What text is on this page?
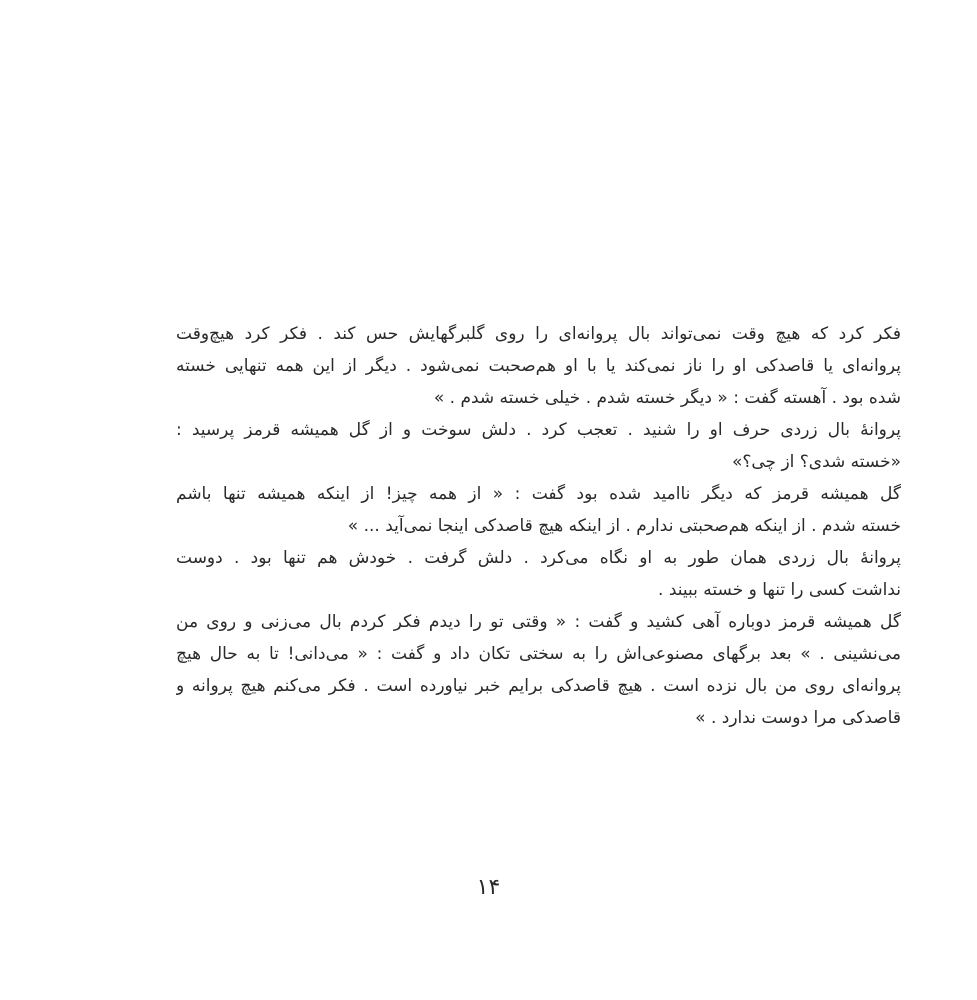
فکر کرد که هیچ وقت نمی‌تواند بال پروانه‌ای را روی گلبرگهایش حس کند . فکر کرد هیچ‌وقت
پروانه‌ای یا قاصدکی او را ناز نمی‌کند یا با او هم‌صحبت نمی‌شود . دیگر از این همه تنهایی خسته
شده بود . آهسته گفت : « دیگر خسته شدم . خیلی خسته شدم . »
پروانهٔ بال زردی حرف او را شنید . تعجب کرد . دلش سوخت و از گل همیشه قرمز پرسید :
«خسته شدی؟ از چی؟»
گل همیشه قرمز که دیگر ناامید شده بود گفت : « از همه چیز! از اینکه همیشه تنها باشم
خسته شدم . از اینکه هم‌صحبتی ندارم . از اینکه هیچ قاصدکی اینجا نمی‌آید ... »
پروانهٔ بال زردی همان طور به او نگاه می‌کرد . دلش گرفت . خودش هم تنها بود . دوست
نداشت کسی را تنها و خسته ببیند .
گل همیشه قرمز دوباره آهی کشید و گفت : « وقتی تو را دیدم فکر کردم بال می‌زنی و روی من
می‌نشینی . » بعد برگهای مصنوعی‌اش را به سختی تکان داد و گفت : « می‌دانی! تا به حال هیچ
پروانه‌ای روی من بال نزده است . هیچ قاصدکی برایم خبر نیاورده است . فکر می‌کنم هیچ پروانه و
قاصدکی مرا دوست ندارد . »
۱۴
